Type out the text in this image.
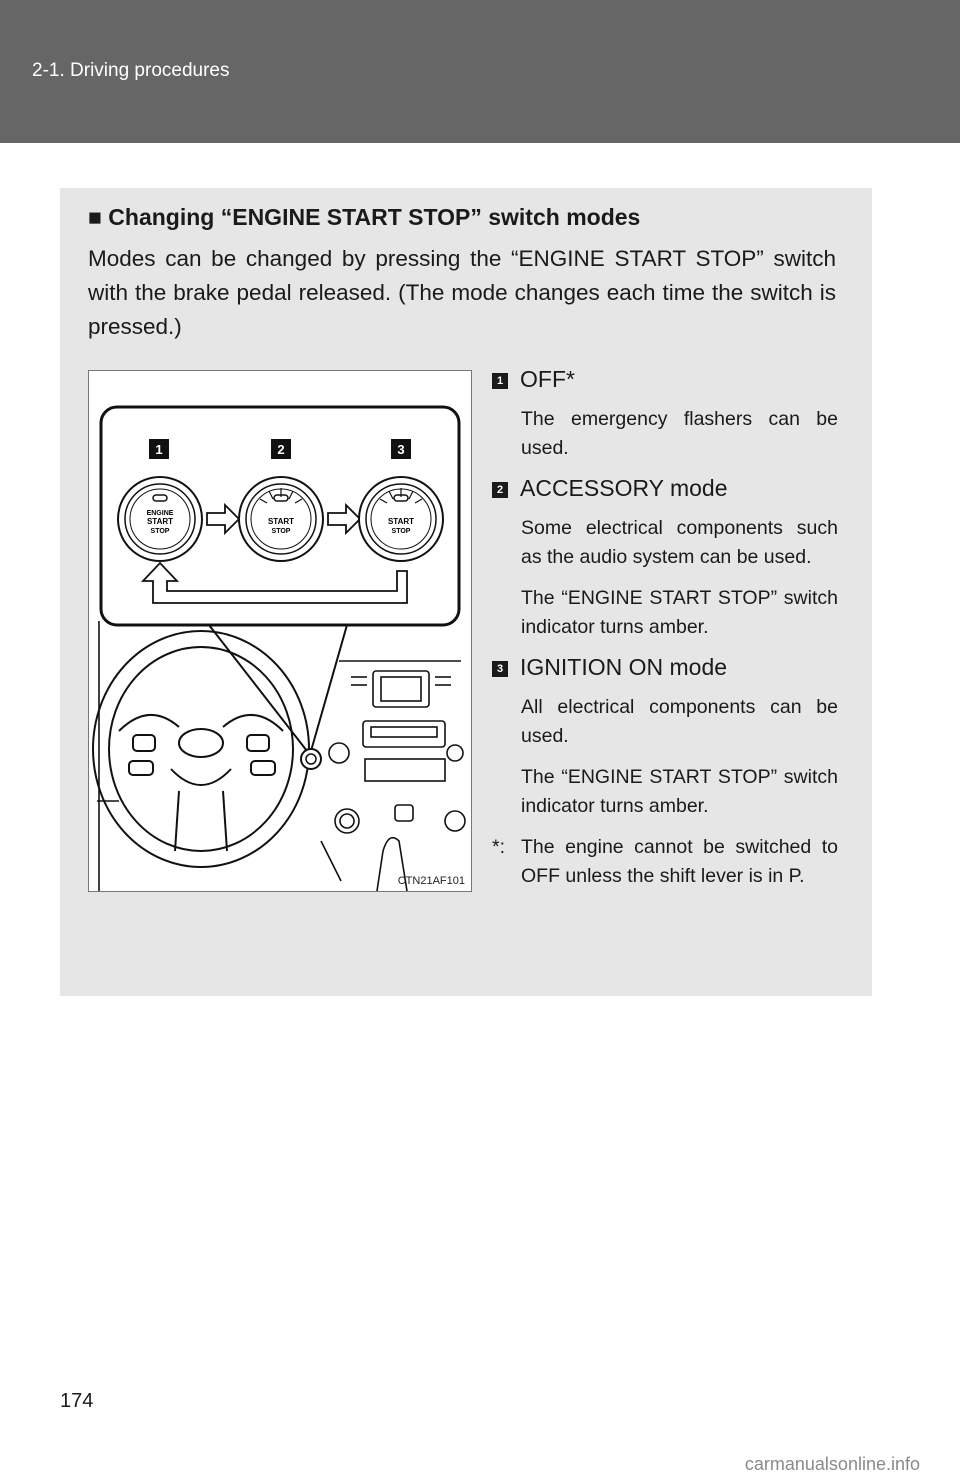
2-1. Driving procedures
■ Changing “ENGINE START STOP” switch modes
Modes can be changed by pressing the “ENGINE START STOP” switch with the brake pedal released. (The mode changes each time the switch is pressed.)
1	2	3
ENGINE
START
STOP
START
STOP
START
STOP
CTN21AF101
1 OFF*
The emergency flashers can be used.
2 ACCESSORY mode
Some electrical components such as the audio system can be used.
The “ENGINE START STOP” switch indicator turns amber.
3 IGNITION ON mode
All electrical components can be used.
The “ENGINE START STOP” switch indicator turns amber.
*: The engine cannot be switched to OFF unless the shift lever is in P.
174
carmanualsonline.info
